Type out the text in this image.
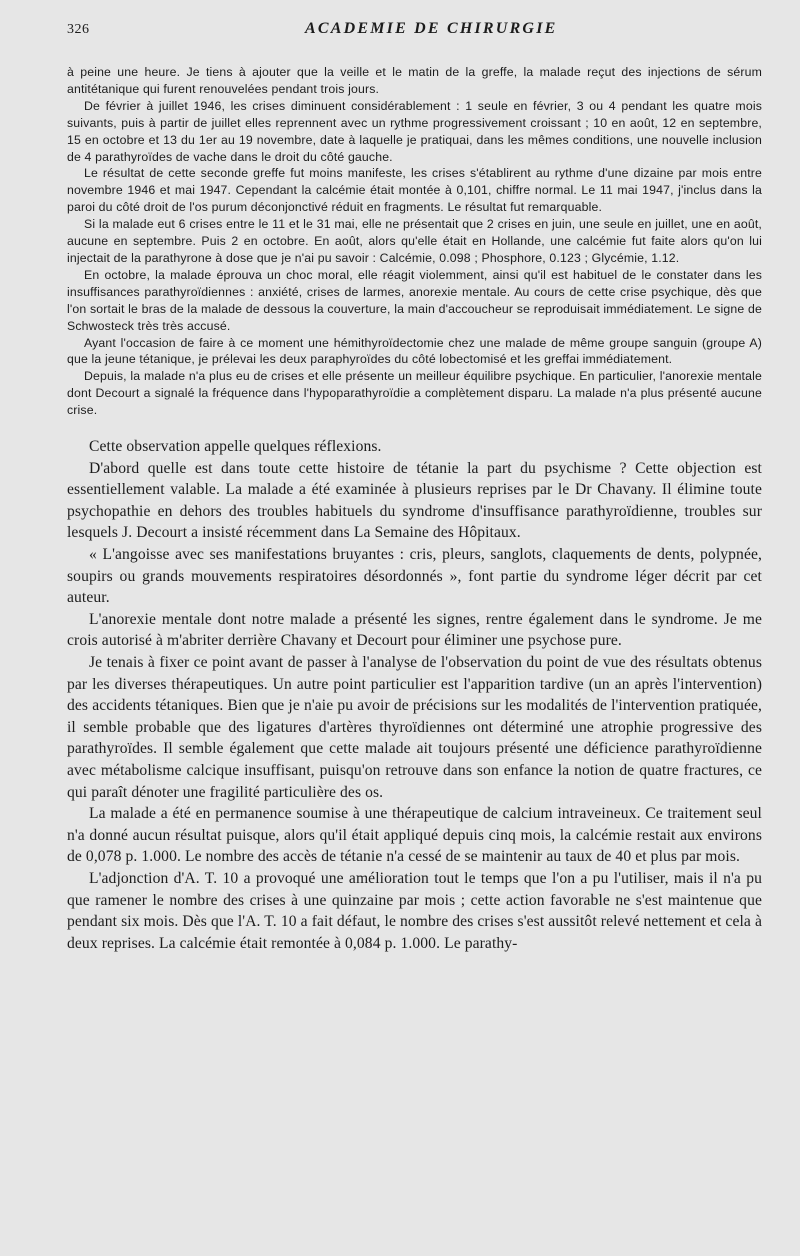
326	ACADEMIE DE CHIRURGIE

à peine une heure. Je tiens à ajouter que la veille et le matin de la greffe, la malade reçut des injections de sérum antitétanique qui furent renouvelées pendant trois jours.

De février à juillet 1946, les crises diminuent considérablement : 1 seule en février, 3 ou 4 pendant les quatre mois suivants, puis à partir de juillet elles reprennent avec un rythme progressivement croissant ; 10 en août, 12 en septembre, 15 en octobre et 13 du 1er au 19 novembre, date à laquelle je pratiquai, dans les mêmes conditions, une nouvelle inclusion de 4 parathyroïdes de vache dans le droit du côté gauche.

Le résultat de cette seconde greffe fut moins manifeste, les crises s'établirent au rythme d'une dizaine par mois entre novembre 1946 et mai 1947. Cependant la calcémie était montée à 0,101, chiffre normal. Le 11 mai 1947, j'inclus dans la paroi du côté droit de l'os purum déconjonctivé réduit en fragments. Le résultat fut remarquable.

Si la malade eut 6 crises entre le 11 et le 31 mai, elle ne présentait que 2 crises en juin, une seule en juillet, une en août, aucune en septembre. Puis 2 en octobre. En août, alors qu'elle était en Hollande, une calcémie fut faite alors qu'on lui injectait de la parathyrone à dose que je n'ai pu savoir : Calcémie, 0.098 ; Phosphore, 0.123 ; Glycémie, 1.12.

En octobre, la malade éprouva un choc moral, elle réagit violemment, ainsi qu'il est habituel de le constater dans les insuffisances parathyroïdiennes : anxiété, crises de larmes, anorexie mentale. Au cours de cette crise psychique, dès que l'on sortait le bras de la malade de dessous la couverture, la main d'accoucheur se reproduisait immédiatement. Le signe de Schwosteck très très accusé.

Ayant l'occasion de faire à ce moment une hémithyroïdectomie chez une malade de même groupe sanguin (groupe A) que la jeune tétanique, je prélevai les deux paraphyroïdes du côté lobectomisé et les greffai immédiatement.

Depuis, la malade n'a plus eu de crises et elle présente un meilleur équilibre psychique. En particulier, l'anorexie mentale dont Decourt a signalé la fréquence dans l'hypoparathyroïdie a complètement disparu. La malade n'a plus présenté aucune crise.

Cette observation appelle quelques réflexions.

D'abord quelle est dans toute cette histoire de tétanie la part du psychisme ? Cette objection est essentiellement valable. La malade a été examinée à plusieurs reprises par le Dr Chavany. Il élimine toute psychopathie en dehors des troubles habituels du syndrome d'insuffisance parathyroïdienne, troubles sur lesquels J. Decourt a insisté récemment dans La Semaine des Hôpitaux.

« L'angoisse avec ses manifestations bruyantes : cris, pleurs, sanglots, claquements de dents, polypnée, soupirs ou grands mouvements respiratoires désordonnés », font partie du syndrome léger décrit par cet auteur.

L'anorexie mentale dont notre malade a présenté les signes, rentre également dans le syndrome. Je me crois autorisé à m'abriter derrière Chavany et Decourt pour éliminer une psychose pure.

Je tenais à fixer ce point avant de passer à l'analyse de l'observation du point de vue des résultats obtenus par les diverses thérapeutiques. Un autre point particulier est l'apparition tardive (un an après l'intervention) des accidents tétaniques. Bien que je n'aie pu avoir de précisions sur les modalités de l'intervention pratiquée, il semble probable que des ligatures d'artères thyroïdiennes ont déterminé une atrophie progressive des parathyroïdes. Il semble également que cette malade ait toujours présenté une déficience parathyroïdienne avec métabolisme calcique insuffisant, puisqu'on retrouve dans son enfance la notion de quatre fractures, ce qui paraît dénoter une fragilité particulière des os.

La malade a été en permanence soumise à une thérapeutique de calcium intraveineux. Ce traitement seul n'a donné aucun résultat puisque, alors qu'il était appliqué depuis cinq mois, la calcémie restait aux environs de 0,078 p. 1.000. Le nombre des accès de tétanie n'a cessé de se maintenir au taux de 40 et plus par mois.

L'adjonction d'A. T. 10 a provoqué une amélioration tout le temps que l'on a pu l'utiliser, mais il n'a pu que ramener le nombre des crises à une quinzaine par mois ; cette action favorable ne s'est maintenue que pendant six mois. Dès que l'A. T. 10 a fait défaut, le nombre des crises s'est aussitôt relevé nettement et cela à deux reprises. La calcémie était remontée à 0,084 p. 1.000. Le parathy-
